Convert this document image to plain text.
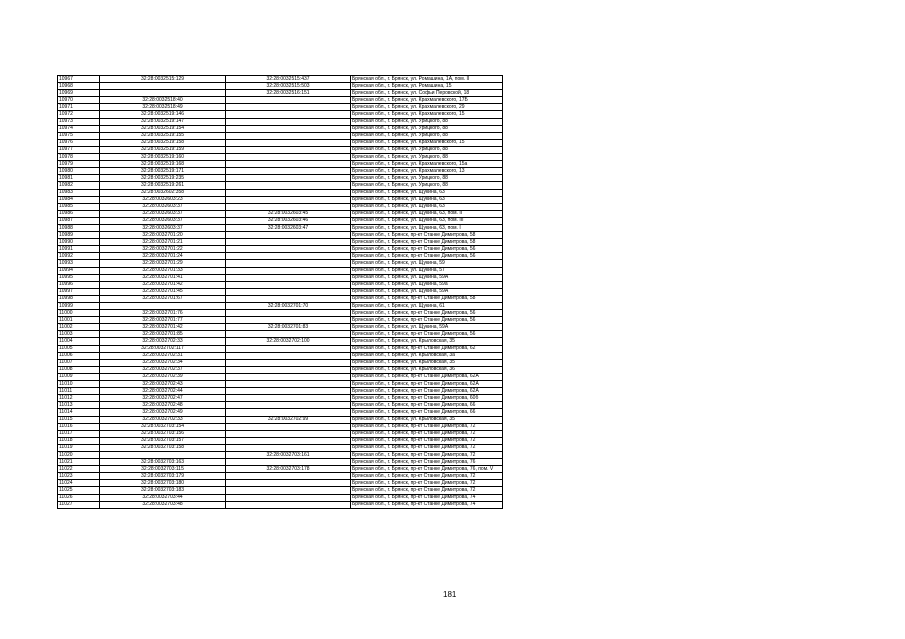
10967	32:28:0032515:129	32:28:0032515:437	Брянская обл., г. Брянск, ул. Ромашина, 1А, пом. II
10968		32:28:0032515:503	Брянская обл., г. Брянск, ул. Ромашина, 15
10969		32:28:0032516:151	Брянская обл., г. Брянск, ул. Софьи Перовской, 18
10970	32:28:0032518:40		Брянская обл., г. Брянск, ул. Крахмалевского, 17Б
10971	32:28:0032518:49		Брянская обл., г. Брянск, ул. Крахмалевского, 29
10972	32:28:0032519:146		Брянская обл., г. Брянск, ул. Крахмалевского, 15
10973	32:28:0032519:147		Брянская обл., г. Брянск, ул. Урицкого, 88
10974	32:28:0032519:154		Брянская обл., г. Брянск, ул. Урицкого, 88
10975	32:28:0032519:155		Брянская обл., г. Брянск, ул. Урицкого, 88
10976	32:28:0032519:158		Брянская обл., г. Брянск, ул. Крахмалевского, 15
10977	32:28:0032519:159		Брянская обл., г. Брянск, ул. Урицкого, 88
10978	32:28:0032519:160		Брянская обл., г. Брянск, ул. Урицкого, 88
10979	32:28:0032519:168		Брянская обл., г. Брянск, ул. Крахмалевского, 15а
10980	32:28:0032519:171		Брянская обл., г. Брянск, ул. Крахмалевского, 13
10981	32:28:0032519:235		Брянская обл., г. Брянск, ул. Урицкого, 88
10982	32:28:0032519:261		Брянская обл., г. Брянск, ул. Урицкого, 88
10983	32:28:0032602:358		Брянская обл., г. Брянск, ул. Щукина, 63
10984	32:28:0032603:23		Брянская обл., г. Брянск, ул. Щукина, 63
10985	32:28:0032603:37		Брянская обл., г. Брянск, ул. Щукина, 63
10986	32:28:0032603:37	32:28:0032603:45	Брянская обл., г. Брянск, ул. Щукина, 63, пом. II
10987	32:28:0032603:37	32:28:0032603:46	Брянская обл., г. Брянск, ул. Щукина, 63, пом. III
10988	32:28:0032603:37	32:28:0032603:47	Брянская обл., г. Брянск, ул. Щукина, 63, пом. I
10989	32:28:0032701:20		Брянская обл., г. Брянск, пр-кт Станке Димитрова, 58
10990	32:28:0032701:21		Брянская обл., г. Брянск, пр-кт Станке Димитрова, 58
10991	32:28:0032701:22		Брянская обл., г. Брянск, пр-кт Станке Димитрова, 56
10992	32:28:0032701:24		Брянская обл., г. Брянск, пр-кт Станке Димитрова, 56
10993	32:28:0032701:29		Брянская обл., г. Брянск, ул. Щукина, 59
10994	32:28:0032701:33		Брянская обл., г. Брянск, ул. Щукина, 57
10995	32:28:0032701:41		Брянская обл., г. Брянск, ул. Щукина, 59А
10996	32:28:0032701:42		Брянская обл., г. Брянск, ул. Щукина, 59а
10997	32:28:0032701:45		Брянская обл., г. Брянск, ул. Щукина, 59А
10998	32:28:0032701:67		Брянская обл., г. Брянск, пр-кт Станке Димитрова, 58
10999		32:28:0032701:70	Брянская обл., г. Брянск, ул. Щукина, 61
11000	32:28:0032701:76		Брянская обл., г. Брянск, пр-кт Станке Димитрова, 56
11001	32:28:0032701:77		Брянская обл., г. Брянск, пр-кт Станке Димитрова, 56
11002	32:28:0032701:42	32:28:0032701:83	Брянская обл., г. Брянск, ул. Щукина, 59А
11003	32:28:0032701:85		Брянская обл., г. Брянск, пр-кт Станке Димитрова, 56
11004	32:28:0032702:33	32:28:0032702:100	Брянская обл., г. Брянск, ул. Крыловская, 35
11005	32:28:0032702:117		Брянская обл., г. Брянск, пр-кт Станке Димитрова, 62
11006	32:28:0032702:31		Брянская обл., г. Брянск, ул. Крыловская, 3а
11007	32:28:0032702:34		Брянская обл., г. Брянск, ул. Крыловская, 35
11008	32:28:0032702:37		Брянская обл., г. Брянск, ул. Крыловская, 36
11009	32:28:0032702:39		Брянская обл., г. Брянск, пр-кт Станке Димитрова, 62А
11010	32:28:0032702:43		Брянская обл., г. Брянск, пр-кт Станке Димитрова, 62А
11011	32:28:0032702:44		Брянская обл., г. Брянск, пр-кт Станке Димитрова, 62А
11012	32:28:0032702:47		Брянская обл., г. Брянск, пр-кт Станке Димитрова, 60б
11013	32:28:0032702:48		Брянская обл., г. Брянск, пр-кт Станке Димитрова, 66
11014	32:28:0032702:49		Брянская обл., г. Брянск, пр-кт Станке Димитрова, 66
11015	32:28:0032702:33	32:28:0032702:99	Брянская обл., г. Брянск, ул. Крыловская, 35
11016	32:28:0032703:154		Брянская обл., г. Брянск, пр-кт Станке Димитрова, 72
11017	32:28:0032703:156		Брянская обл., г. Брянск, пр-кт Станке Димитрова, 72
11018	32:28:0032703:157		Брянская обл., г. Брянск, пр-кт Станке Димитрова, 72
11019	32:28:0032703:158		Брянская обл., г. Брянск, пр-кт Станке Димитрова, 72
11020		32:28:0032703:161	Брянская обл., г. Брянск, пр-кт Станке Димитрова, 72
11021	32:28:0032703:163		Брянская обл., г. Брянск, пр-кт Станке Димитрова, 76
11022	32:28:0032703:115	32:28:0032703:178	Брянская обл., г. Брянск, пр-кт Станке Димитрова, 76, пом. V
11023	32:28:0032703:179		Брянская обл., г. Брянск, пр-кт Станке Димитрова, 72
11024	32:28:0032703:180		Брянская обл., г. Брянск, пр-кт Станке Димитрова, 72
11025	32:28:0032703:183		Брянская обл., г. Брянск, пр-кт Станке Димитрова, 72
11026	32:28:0032703:44		Брянская обл., г. Брянск, пр-кт Станке Димитрова, 74
11027	32:28:0032703:48		Брянская обл., г. Брянск, пр-кт Станке Димитрова, 74
181
